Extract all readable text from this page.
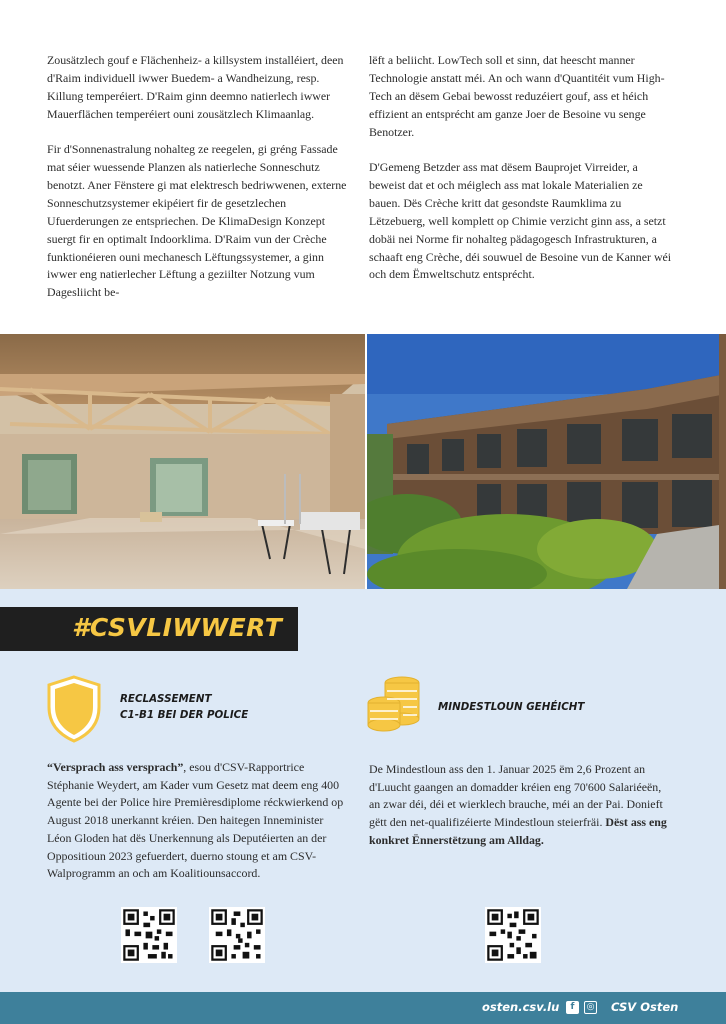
Zousätzlech gouf e Flächenheiz- a killsystem installéiert, deen d'Raim individuell iwwer Buedem- a Wandheizung, resp. Killung temperéiert. D'Raim ginn deemno natierlech iwwer Mauerflächen temperéiert ouni zousätzlech Klimaanlag.

Fir d'Sonnenastralung nohalteg ze reegelen, gi gréng Fassade mat séier wuessende Planzen als natierleche Sonneschutz benotzt. Aner Fënstere gi mat elektresch bedriwwenen, externe Sonneschutzsystemer ekipéiert fir de gesetzlechen Ufuerderungen ze entspriechen. De KlimaDesign Konzept suergt fir en optimalt Indoorklima. D'Raim vun der Crèche funktionéieren ouni mechanesch Lëftungssystemer, a ginn iwwer eng natierlecher Lëftung a geziilter Notzung vum Dagesliicht be-

lëft a beliicht. LowTech soll et sinn, dat heescht manner Technologie anstatt méi. An och wann d'Quantitéit vum High-Tech an dësem Gebai bewosst reduzéiert gouf, ass et héich effizient an entsprécht am ganze Joer de Besoine vu senge Benotzer.

D'Gemeng Betzder ass mat dësem Bauprojet Virreider, a beweist dat et och méiglech ass mat lokale Materialien ze bauen. Dës Crèche kritt dat gesondste Raumklima zu Lëtzebuerg, well komplett op Chimie verzicht ginn ass, a setzt dobäi nei Norme fir nohalteg pädagogesch Infrastrukturen, a schaaft eng Crèche, déi souwuel de Besoine vun de Kanner wéi och dem Ëmweltschutz entsprécht.

#CSVLIWWERT
RECLASSEMENT
C1-B1 BEI DER POLICE
MINDESTLOUN GEHÉICHT
“Versprach ass versprach”, esou d'CSV-Rapportrice Stéphanie Weydert, am Kader vum Gesetz mat deem eng 400 Agente bei der Police hire Premièresdiplome réckwierkend op August 2018 unerkannt kréien. Den haitegen Inneminister Léon Gloden hat dës Unerkennung als Deputéierten an der Oppositioun 2023 gefuerdert, duerno stoung et am CSV-Walprogramm an och am Koalitiounsaccord.
De Mindestloun ass den 1. Januar 2025 ëm 2,6 Prozent an d'Luucht gaangen an domadder kréien eng 70'600 Salariéeën, an zwar déi, déi et wierklech brauche, méi an der Pai. Donieft gëtt den net-qualifizéierte Mindestloun steierfräi. Dëst ass eng konkret Ënnerstëtzung am Alldag.
osten.csv.lu	f	◎ CSV Osten
